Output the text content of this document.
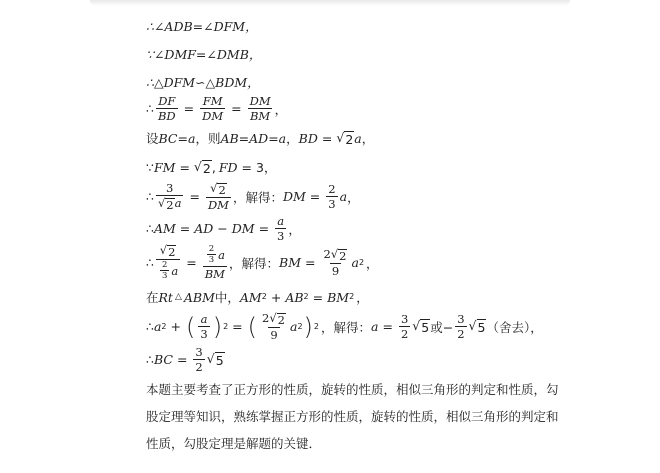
∴∠ADB=∠DFM，
∵∠DMF=∠DMB，
∴△DFM∽△BDM，
∴ $\frac{DF}{BD} = \frac{FM}{DM} = \frac{DM}{BM}$ ，
设 BC=a ，则 AB=AD=a ， BD = √ 2 a ，
∵ FM = √ 2 , FD = 3 ，
∴ $\frac{3}{√ 2 a} = \frac{√ 2}{DM}$ ，解得： DM = $\frac{2}{3}$ a ，
∴ AM = AD − DM = $\frac{a}{3}$ ，
∴ $\frac{√ 2}{\frac{2}{3} a} = \frac{\frac{2}{3} a}{BM}$ ，解得： BM = $\frac{2 √ 2}{9}$ a 2 ，
在 Rt △ ABM 中， AM 2 + AB 2 = BM 2 ，
∴ a 2 + ( $\frac{a}{3}$ ) 2 = ( $\frac{2 √ 2}{9}$ a 2 ) 2 ，解得： $a = \frac{3}{2}$ √ 5 或− $\frac{3}{2}$ √ 5 （舍去），
∴ BC = $\frac{3}{2}$ √ 5
本题主要考查了正方形的性质，旋转的性质，相似三角形的判定和性质，勾股定理等知识，熟练掌握正方形的性质，旋转的性质，相似三角形的判定和性质，勾股定理是解题的关键．
